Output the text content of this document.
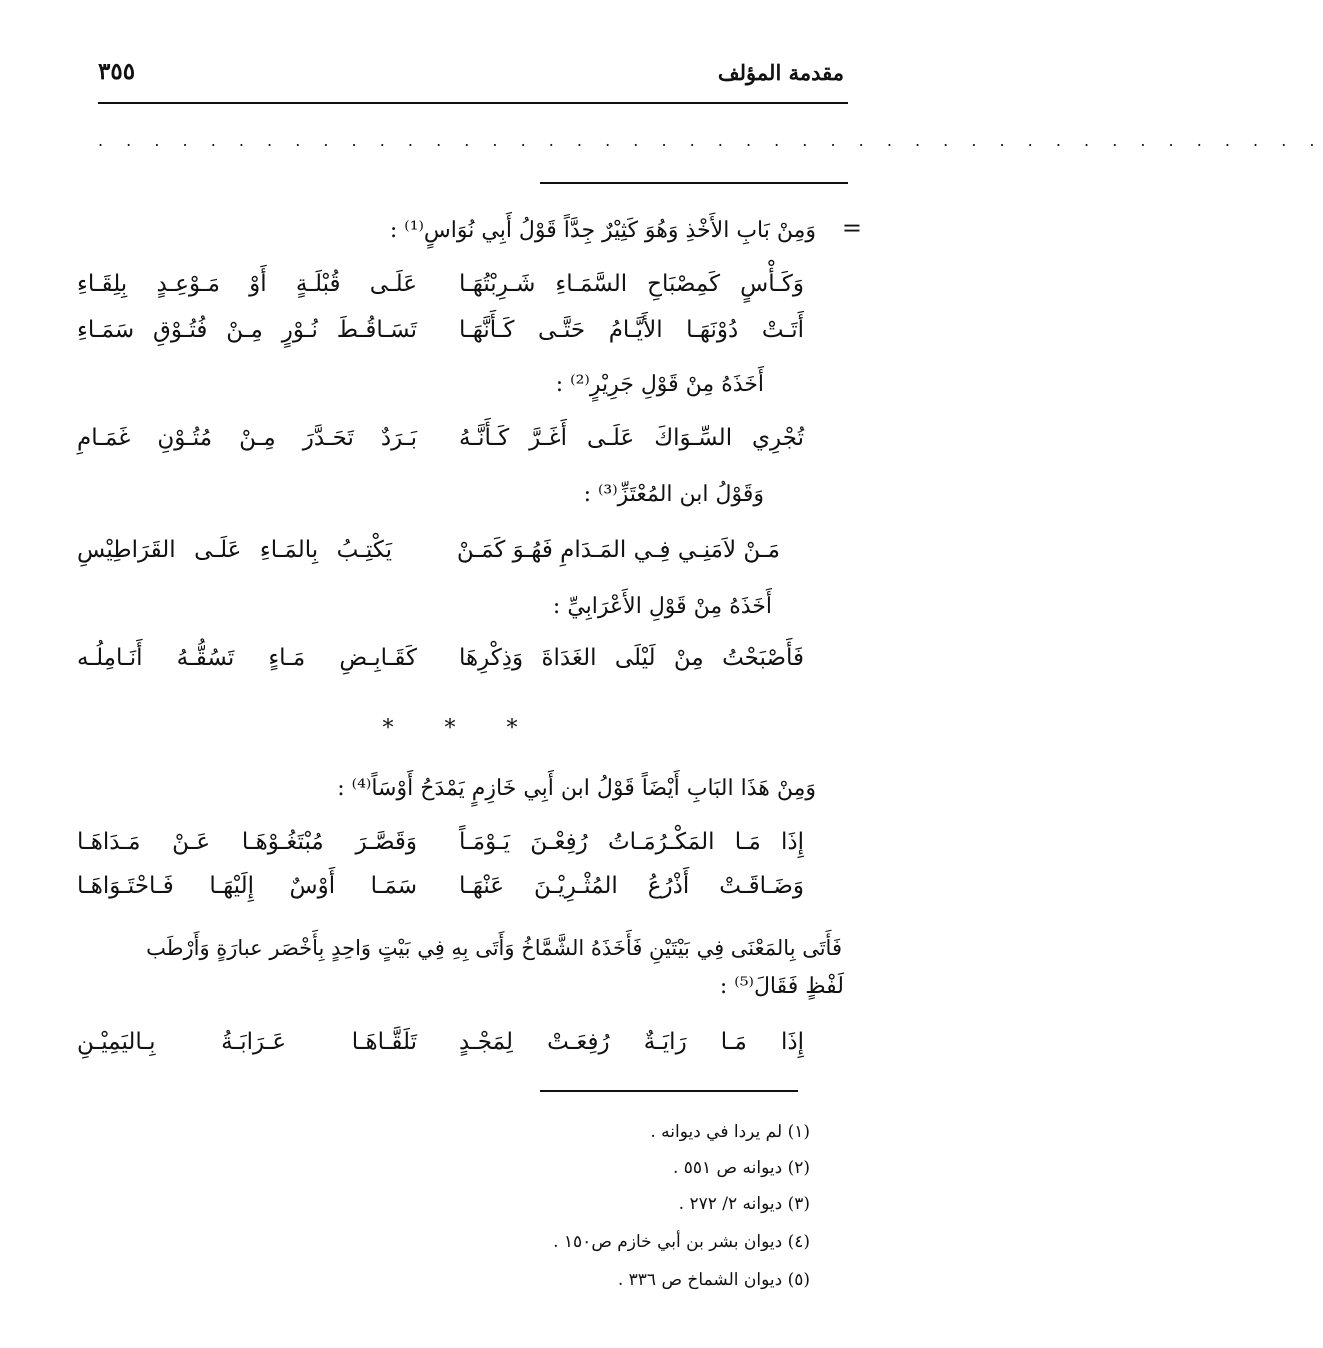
مقدمة المؤلف
٣٥٥
. . . . . . . . . . . . . . . . . . . . . . . . . . . . . . . . . . . . . . . . . . . .
=
وَمِنْ بَابِ الأَخْذِ وَهُوَ كَثِيْرٌ جِدَّاً قَوْلُ أَبِي نُوَاسٍ⁽¹⁾ :
وَكَـأْسٍ كَمِصْبَاحِ السَّمَـاءِ شَـرِبْتُهَـا
عَلَـى قُبْلَـةٍ أَوْ مَـوْعِـدٍ بِلِقَـاءِ
أَتَـتْ دُوْنَهَـا الأَيَّـامُ حَتَّـى كَـأَنَّهَـا
تَسَـاقُـطَ نُـوْرٍ مِـنْ فُتُـوْقِ سَمَـاءِ
أَخَذَهُ مِنْ قَوْلِ جَرِيْرٍ⁽²⁾ :
تُجْرِي السِّـوَاكَ عَلَـى أَغَـرَّ كَـأَنَّـهُ
بَـرَدٌ تَحَـدَّرَ مِـنْ مُتُـوْنِ غَمَـامِ
وَقَوْلُ ابن المُعْتَزِّ⁽³⁾ :
مَـنْ لاَمَنِـي فِـي المَـدَامِ فَهُـوَ كَمَـنْ
يَكْتِـبُ بِالمَـاءِ عَلَـى القَرَاطِيْسِ
أَخَذَهُ مِنْ قَوْلِ الأَعْرَابِيِّ :
فَأَصْبَحْتُ مِنْ لَيْلَى الغَدَاةَ وَذِكْرِهَا
كَقَـابِـضِ مَـاءٍ تَسُقُّـهُ أَنَـامِلُـه
* * *
وَمِنْ هَذَا البَابِ أَيْضَاً قَوْلُ ابن أَبِي خَازِمٍ يَمْدَحُ أَوْسَاً⁽⁴⁾ :
إِذَا مَـا المَكْـرُمَـاتُ رُفِعْـنَ يَـوْمَـاً
وَقَصَّـرَ مُبْتَغُـوْهَـا عَـنْ مَـدَاهَـا
وَضَـاقَـتْ أَذْرُعُ المُثْـرِيْـنَ عَنْهَـا
سَمَـا أَوْسٌ إِلَيْهَـا فَـاحْتَـوَاهَـا
فَأَتَى بِالمَعْنَى فِي بَيْتَيْنِ فَأَخَذَهُ الشَّمَّاخُ وَأَتَى بِهِ فِي بَيْتٍ وَاحِدٍ بِأَخْصَر عبارَةٍ وَأَرْطَب
لَفْظٍ فَقَالَ⁽⁵⁾ :
إِذَا مَـا رَايَـةٌ رُفِعَـتْ لِمَجْـدٍ
تَلَقَّـاهَـا عَـرَابَـةُ بِـاليَمِيْـنِ
(١) لم يردا في ديوانه .
(٢) ديوانه ص ٥٥١ .
(٣) ديوانه ٢/ ٢٧٢ .
(٤) ديوان بشر بن أبي خازم ص١٥٠ .
(٥) ديوان الشماخ ص ٣٣٦ .
